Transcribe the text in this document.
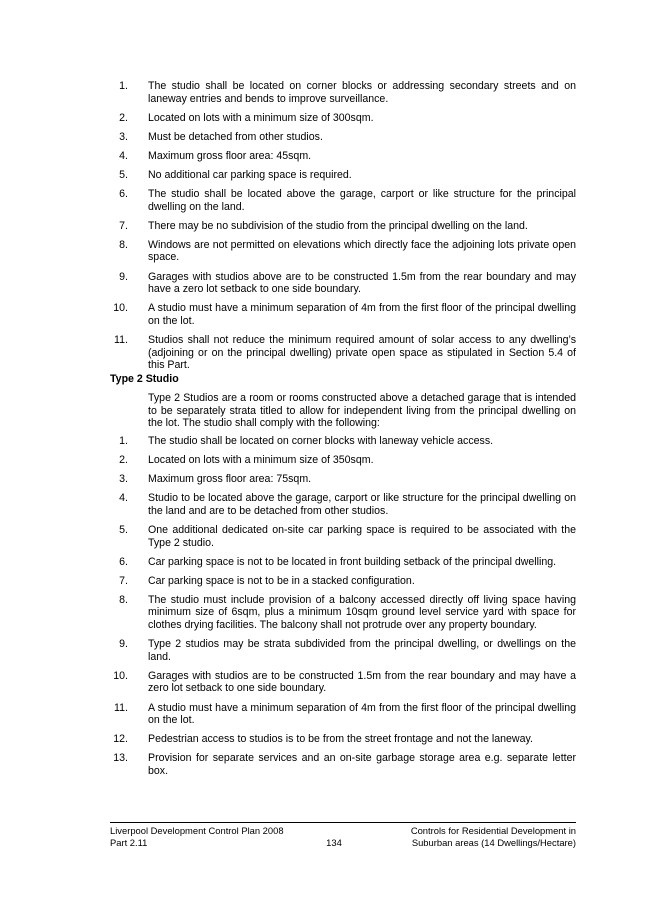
1.	The studio shall be located on corner blocks or addressing secondary streets and on laneway entries and bends to improve surveillance.
2.	Located on lots with a minimum size of 300sqm.
3.	Must be detached from other studios.
4.	Maximum gross floor area: 45sqm.
5.	No additional car parking space is required.
6.	The studio shall be located above the garage, carport or like structure for the principal dwelling on the land.
7.	There may be no subdivision of the studio from the principal dwelling on the land.
8.	Windows are not permitted on elevations which directly face the adjoining lots private open space.
9.	Garages with studios above are to be constructed 1.5m from the rear boundary and may have a zero lot setback to one side boundary.
10.	A studio must have a minimum separation of 4m from the first floor of the principal dwelling on the lot.
11.	Studios shall not reduce the minimum required amount of solar access to any dwelling’s (adjoining or on the principal dwelling) private open space as stipulated in Section 5.4 of this Part.
Type 2 Studio
Type 2 Studios are a room or rooms constructed above a detached garage that is intended to be separately strata titled to allow for independent living from the principal dwelling on the lot. The studio shall comply with the following:
1.	The studio shall be located on corner blocks with laneway vehicle access.
2.	Located on lots with a minimum size of 350sqm.
3.	Maximum gross floor area: 75sqm.
4.	Studio to be located above the garage, carport or like structure for the principal dwelling on the land and are to be detached from other studios.
5.	One additional dedicated on-site car parking space is required to be associated with the Type 2 studio.
6.	Car parking space is not to be located in front building setback of the principal dwelling.
7.	Car parking space is not to be in a stacked configuration.
8.	The studio must include provision of a balcony accessed directly off living space having minimum size of 6sqm, plus a minimum 10sqm ground level service yard with space for clothes drying facilities. The balcony shall not protrude over any property boundary.
9.	Type 2 studios may be strata subdivided from the principal dwelling, or dwellings on the land.
10.	Garages with studios are to be constructed 1.5m from the rear boundary and may have a zero lot setback to one side boundary.
11.	A studio must have a minimum separation of 4m from the first floor of the principal dwelling on the lot.
12.	Pedestrian access to studios is to be from the street frontage and not the laneway.
13.	Provision for separate services and an on-site garbage storage area e.g. separate letter box.
Liverpool Development Control Plan 2008
Part 2.11	134
Controls for Residential Development in
Suburban areas (14 Dwellings/Hectare)
